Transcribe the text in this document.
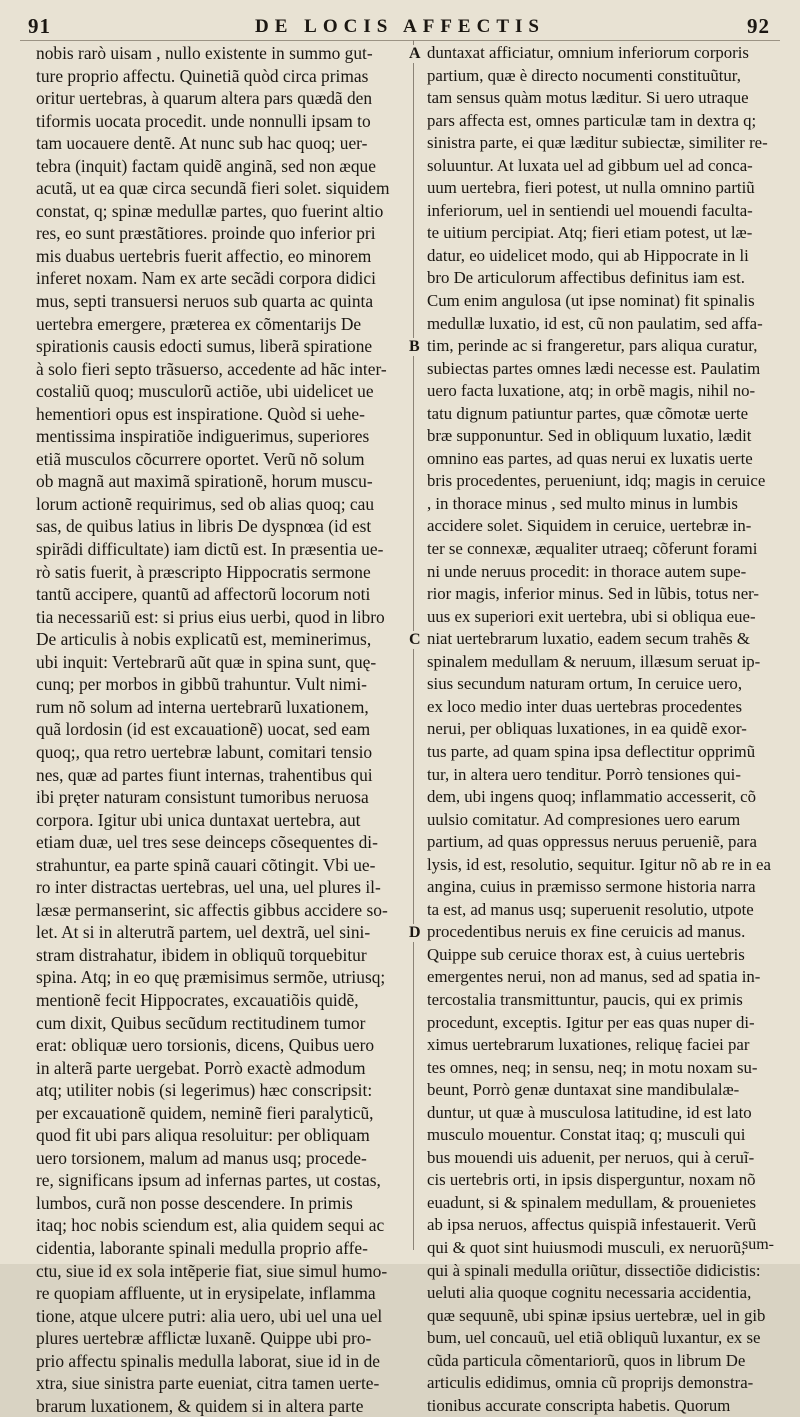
91	DE LOCIS AFFECTIS	92
A
B
C
D
nobis rarò uisam , nullo existente in summo gut-
ture proprio affectu. Quinetiã quòd circa primas
oritur uertebras, à quarum altera pars quædã den
tiformis uocata procedit. unde nonnulli ipsam to
tam uocauere dentẽ. At nunc sub hac quoq; uer-
tebra (inquit) factam quidẽ anginã, sed non æque
acutã, ut ea quæ circa secundã fieri solet. siquidem
constat, q; spinæ medullæ partes, quo fuerint altio
res, eo sunt præstãtiores. proinde quo inferior pri
mis duabus uertebris fuerit affectio, eo minorem
inferet noxam. Nam ex arte secãdi corpora didici
mus, septi transuersi neruos sub quarta ac quinta
uertebra emergere, præterea ex cõmentarijs De
spirationis causis edocti sumus, liberã spiratione
à solo fieri septo trãsuerso, accedente ad hãc inter-
costaliũ quoq; musculorũ actiõe, ubi uidelicet ue
hementiori opus est inspiratione. Quòd si uehe-
mentissima inspiratiõe indiguerimus, superiores
etiã musculos cõcurrere oportet. Verũ nõ solum
ob magnã aut maximã spirationẽ, horum muscu-
lorum actionẽ requirimus, sed ob alias quoq; cau
sas, de quibus latius in libris De dyspnœa (id est
spirãdi difficultate) iam dictũ est. In præsentia ue-
rò satis fuerit, à præscripto Hippocratis sermone
tantũ accipere, quantũ ad affectorũ locorum noti
tia necessariũ est: si prius eius uerbi, quod in libro
De articulis à nobis explicatũ est, meminerimus,
ubi inquit: Vertebrarũ aũt quæ in spina sunt, quę-
cunq; per morbos in gibbũ trahuntur. Vult nimi-
rum nõ solum ad interna uertebrarũ luxationem,
quã lordosin (id est excauationẽ) uocat, sed eam
quoq;, qua retro uertebræ labunt, comitari tensio
nes, quæ ad partes fiunt internas, trahentibus qui
ibi pręter naturam consistunt tumoribus neruosa
corpora. Igitur ubi unica duntaxat uertebra, aut
etiam duæ, uel tres sese deinceps cõsequentes di-
strahuntur, ea parte spinã cauari cõtingit. Vbi ue-
ro inter distractas uertebras, uel una, uel plures il-
læsæ permanserint, sic affectis gibbus accidere so-
let. At si in alterutrã partem, uel dextrã, uel sini-
stram distrahatur, ibidem in obliquũ torquebitur
spina. Atq; in eo quę præmisimus sermõe, utriusq;
mentionẽ fecit Hippocrates, excauatiõis quidẽ,
cum dixit, Quibus secũdum rectitudinem tumor
erat: obliquæ uero torsionis, dicens, Quibus uero
in alterã parte uergebat. Porrò exactè admodum
atq; utiliter nobis (si legerimus) hæc conscripsit:
per excauationẽ quidem, neminẽ fieri paralyticũ,
quod fit ubi pars aliqua resoluitur: per obliquam
uero torsionem, malum ad manus usq; procede-
re, significans ipsum ad infernas partes, ut costas,
lumbos, curã non posse descendere. In primis
itaq; hoc nobis sciendum est, alia quidem sequi ac
cidentia, laborante spinali medulla proprio affe-
ctu, siue id ex sola intẽperie fiat, siue simul humo-
re quopiam affluente, ut in erysipelate, inflamma
tione, atque ulcere putri: alia uero, ubi uel una uel
plures uertebræ afflictæ luxanẽ. Quippe ubi pro-
prio affectu spinalis medulla laborat, siue id in de
xtra, siue sinistra parte eueniat, citra tamen uerte-
brarum luxationem, & quidem si in altera parte
duntaxat afficiatur, omnium inferiorum corporis
partium, quæ è directo nocumenti constituũtur,
tam sensus quàm motus læditur. Si uero utraque
pars affecta est, omnes particulæ tam in dextra q;
sinistra parte, ei quæ læditur subiectæ, similiter re-
soluuntur. At luxata uel ad gibbum uel ad conca-
uum uertebra, fieri potest, ut nulla omnino partiũ
inferiorum, uel in sentiendi uel mouendi faculta-
te uitium percipiat. Atq; fieri etiam potest, ut læ-
datur, eo uidelicet modo, qui ab Hippocrate in li
bro De articulorum affectibus definitus iam est.
Cum enim angulosa (ut ipse nominat) fit spinalis
medullæ luxatio, id est, cũ non paulatim, sed affa-
tim, perinde ac si frangeretur, pars aliqua curatur,
subiectas partes omnes lædi necesse est. Paulatim
uero facta luxatione, atq; in orbẽ magis, nihil no-
tatu dignum patiuntur partes, quæ cõmotæ uerte
bræ supponuntur. Sed in obliquum luxatio, lædit
omnino eas partes, ad quas nerui ex luxatis uerte
bris procedentes, perueniunt, idq; magis in ceruice
, in thorace minus , sed multo minus in lumbis
accidere solet. Siquidem in ceruice, uertebræ in-
ter se connexæ, æqualiter utraeq; cõferunt forami
ni unde neruus procedit: in thorace autem supe-
rior magis, inferior minus. Sed in lũbis, totus ner-
uus ex superiori exit uertebra, ubi si obliqua eue-
niat uertebrarum luxatio, eadem secum trahẽs &
spinalem medullam & neruum, illæsum seruat ip-
sius secundum naturam ortum, In ceruice uero,
ex loco medio inter duas uertebras procedentes
nerui, per obliquas luxationes, in ea quidẽ exor-
tus parte, ad quam spina ipsa deflectitur opprimũ
tur, in altera uero tenditur. Porrò tensiones qui-
dem, ubi ingens quoq; inflammatio accesserit, cõ
uulsio comitatur. Ad compresiones uero earum
partium, ad quas oppressus neruus perueniẽ, para
lysis, id est, resolutio, sequitur. Igitur nõ ab re in ea
angina, cuius in præmisso sermone historia narra
ta est, ad manus usq; superuenit resolutio, utpote
procedentibus neruis ex fine ceruicis ad manus.
Quippe sub ceruice thorax est, à cuius uertebris
emergentes nerui, non ad manus, sed ad spatia in-
tercostalia transmittuntur, paucis, qui ex primis
procedunt, exceptis. Igitur per eas quas nuper di-
ximus uertebrarum luxationes, reliquę faciei par
tes omnes, neq; in sensu, neq; in motu noxam su-
beunt, Porrò genæ duntaxat sine mandibulalæ-
duntur, ut quæ à musculosa latitudine, id est lato
musculo mouentur. Constat itaq; q; musculi qui
bus mouendi uis aduenit, per neruos, qui à ceruĩ-
cis uertebris orti, in ipsis disperguntur, noxam nõ
euadunt, si & spinalem medullam, & prouenietes
ab ipsa neruos, affectus quispiã infestauerit. Verũ
qui & quot sint huiusmodi musculi, ex neruorũ,
qui à spinali medulla oriũtur, dissectiõe didicistis:
ueluti alia quoque cognitu necessaria accidentia,
quæ sequunẽ, ubi spinæ ipsius uertebræ, uel in gib
bum, uel concauũ, uel etiã obliquũ luxantur, ex se
cũda particula cõmentariorũ, quos in librum De
articulis edidimus, omnia cũ proprijs demonstra-
tionibus accurate conscripta habetis. Quorum
sum-
